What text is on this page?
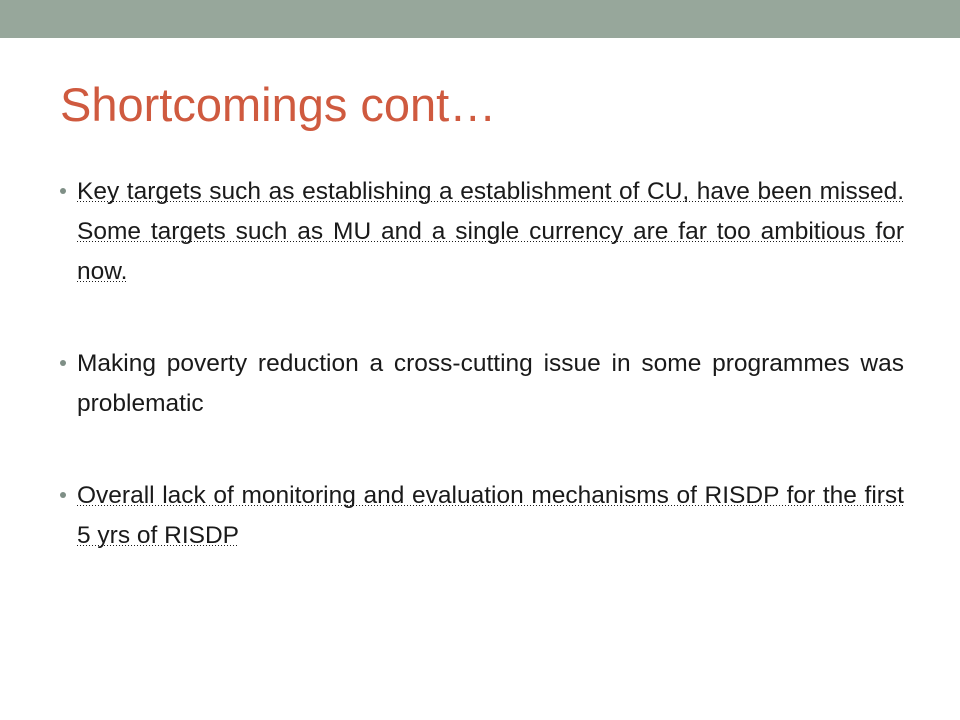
Shortcomings cont…
Key targets such as establishing a establishment of CU, have been missed. Some targets such as MU and a single currency are far too ambitious for now.
Making poverty reduction a cross-cutting issue in some programmes was problematic
Overall lack of monitoring and evaluation mechanisms of RISDP for the first 5 yrs of RISDP
